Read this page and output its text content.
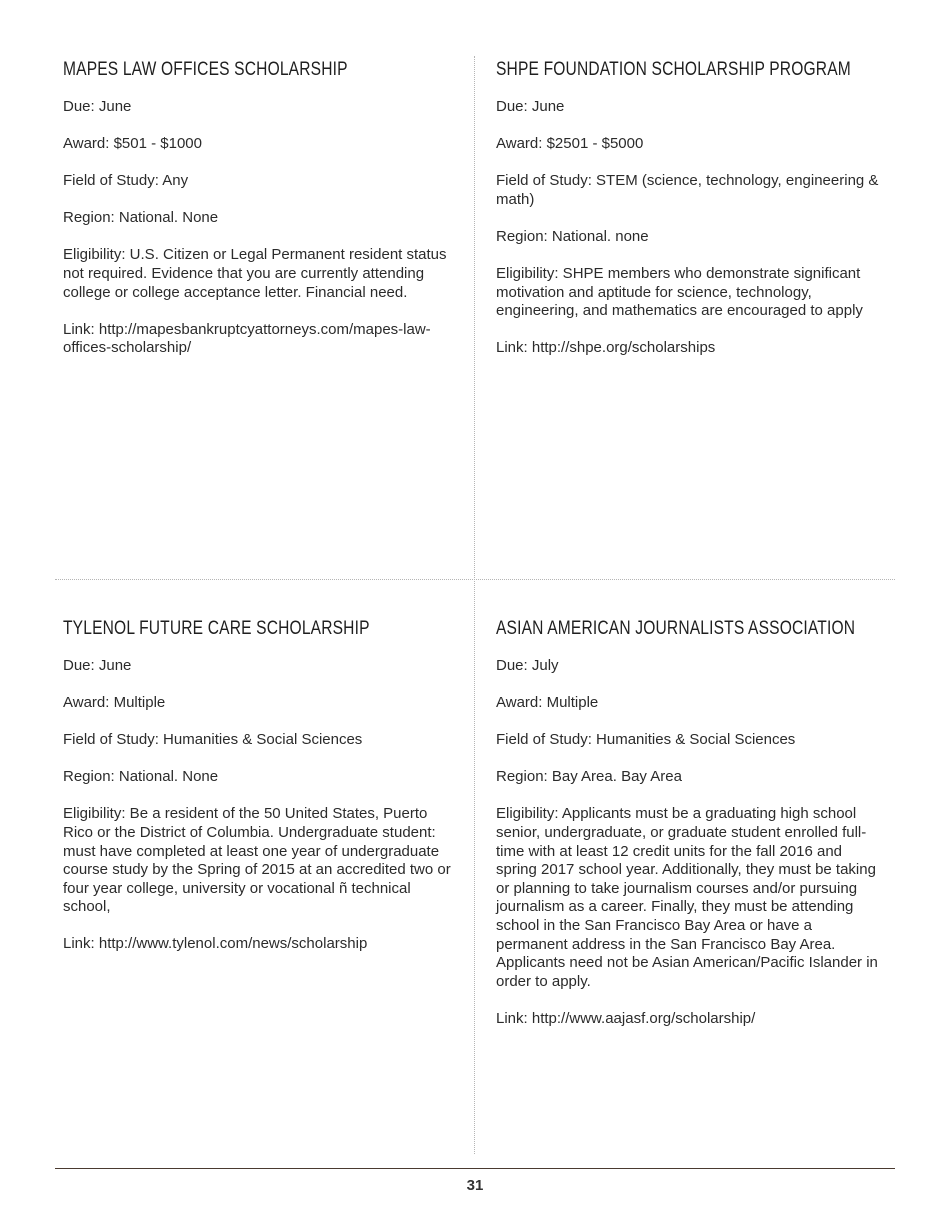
MAPES LAW OFFICES SCHOLARSHIP

Due: June

Award: $501 - $1000

Field of Study: Any

Region: National. None

Eligibility: U.S. Citizen or Legal Permanent resident status not required. Evidence that you are currently attending college or college acceptance letter. Financial need.

Link: http://mapesbankruptcyattorneys.com/mapes-law-offices-scholarship/

SHPE FOUNDATION SCHOLARSHIP PROGRAM

Due: June

Award: $2501 - $5000

Field of Study: STEM (science, technology, engineering & math)

Region: National. none

Eligibility: SHPE members who demonstrate significant motivation and aptitude for science, technology, engineering, and mathematics are encouraged to apply

Link: http://shpe.org/scholarships

TYLENOL FUTURE CARE SCHOLARSHIP

Due: June

Award: Multiple

Field of Study: Humanities & Social Sciences

Region: National. None

Eligibility: Be a resident of the 50 United States, Puerto Rico or the District of Columbia. Undergraduate student: must have completed at least one year of undergraduate course study by the Spring of 2015 at an accredited two or four year college, university or vocational ñ technical school,

Link: http://www.tylenol.com/news/scholarship

ASIAN AMERICAN JOURNALISTS ASSOCIATION

Due: July

Award: Multiple

Field of Study: Humanities & Social Sciences

Region: Bay Area. Bay Area

Eligibility: Applicants must be a graduating high school senior, undergraduate, or graduate student enrolled full-time with at least 12 credit units for the fall 2016 and spring 2017 school year. Additionally, they must be taking or planning to take journalism courses and/or pursuing journalism as a career. Finally, they must be attending school in the San Francisco Bay Area or have a permanent address in the San Francisco Bay Area. Applicants need not be Asian American/Pacific Islander in order to apply.

Link: http://www.aajasf.org/scholarship/

31
